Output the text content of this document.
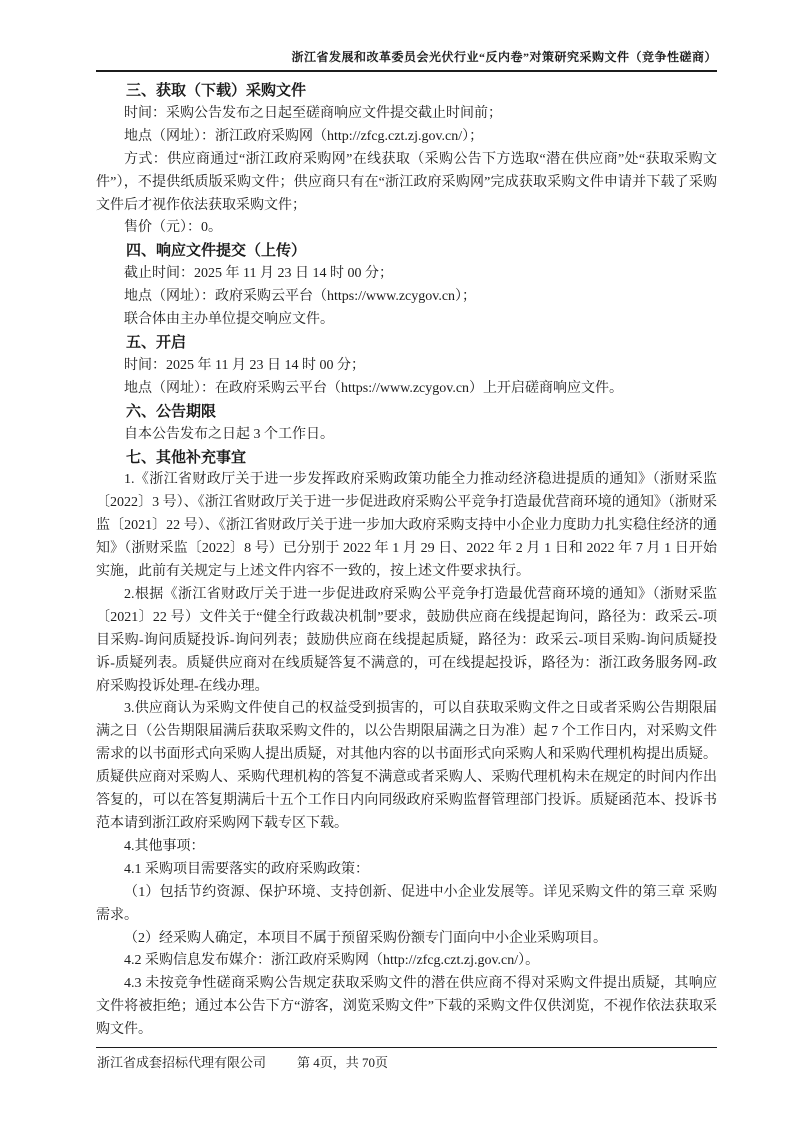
浙江省发展和改革委员会光伏行业“反内卷”对策研究采购文件（竞争性磋商）
三、获取（下载）采购文件

时间：采购公告发布之日起至磋商响应文件提交截止时间前；

地点（网址）：浙江政府采购网（http://zfcg.czt.zj.gov.cn/）；

方式：供应商通过“浙江政府采购网”在线获取（采购公告下方选取“潜在供应商”处“获取采购文件”），不提供纸质版采购文件；供应商只有在“浙江政府采购网”完成获取采购文件申请并下载了采购文件后才视作依法获取采购文件；

售价（元）：0。

四、响应文件提交（上传）

截止时间：2025 年 11 月 23 日 14 时 00 分；

地点（网址）：政府采购云平台（https://www.zcygov.cn）；

联合体由主办单位提交响应文件。

五、开启

时间：2025 年 11 月 23 日 14 时 00 分；

地点（网址）：在政府采购云平台（https://www.zcygov.cn）上开启磋商响应文件。

六、公告期限

自本公告发布之日起 3 个工作日。

七、其他补充事宜

1.《浙江省财政厅关于进一步发挥政府采购政策功能全力推动经济稳进提质的通知》（浙财采监〔2022〕3 号）、《浙江省财政厅关于进一步促进政府采购公平竞争打造最优营商环境的通知》（浙财采监〔2021〕22 号）、《浙江省财政厅关于进一步加大政府采购支持中小企业力度助力扎实稳住经济的通知》（浙财采监〔2022〕8 号）已分别于 2022 年 1 月 29 日、2022 年 2 月 1 日和 2022 年 7 月 1 日开始实施，此前有关规定与上述文件内容不一致的，按上述文件要求执行。

2.根据《浙江省财政厅关于进一步促进政府采购公平竞争打造最优营商环境的通知》（浙财采监〔2021〕22 号）文件关于“健全行政裁决机制”要求，鼓励供应商在线提起询问，路径为：政采云-项目采购-询问质疑投诉-询问列表；鼓励供应商在线提起质疑，路径为：政采云-项目采购-询问质疑投诉-质疑列表。质疑供应商对在线质疑答复不满意的，可在线提起投诉，路径为：浙江政务服务网-政府采购投诉处理-在线办理。

3.供应商认为采购文件使自己的权益受到损害的，可以自获取采购文件之日或者采购公告期限届满之日（公告期限届满后获取采购文件的，以公告期限届满之日为准）起 7 个工作日内，对采购文件需求的以书面形式向采购人提出质疑，对其他内容的以书面形式向采购人和采购代理机构提出质疑。质疑供应商对采购人、采购代理机构的答复不满意或者采购人、采购代理机构未在规定的时间内作出答复的，可以在答复期满后十五个工作日内向同级政府采购监督管理部门投诉。质疑函范本、投诉书范本请到浙江政府采购网下载专区下载。

4.其他事项：

4.1 采购项目需要落实的政府采购政策：

（1）包括节约资源、保护环境、支持创新、促进中小企业发展等。详见采购文件的第三章 采购需求。

（2）经采购人确定，本项目不属于预留采购份额专门面向中小企业采购项目。

4.2 采购信息发布媒介：浙江政府采购网（http://zfcg.czt.zj.gov.cn/）。

4.3 未按竞争性磋商采购公告规定获取采购文件的潜在供应商不得对采购文件提出质疑，其响应文件将被拒绝；通过本公告下方“游客，浏览采购文件”下载的采购文件仅供浏览，不视作依法获取采购文件。

浙江省成套招标代理有限公司 第 4页，共 70页
